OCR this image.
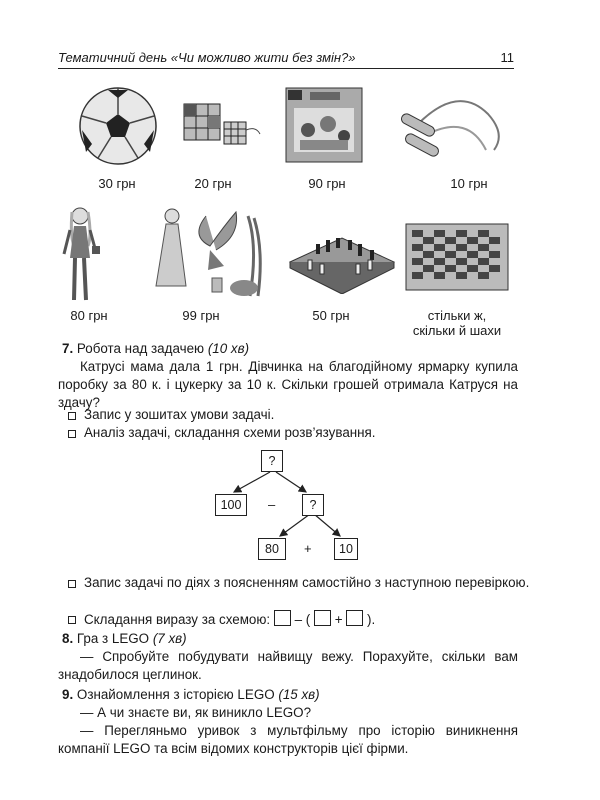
Тематичний день «Чи можливо жити без змін?»	11
30 грн	20 грн	90 грн	10 грн
80 грн	99 грн	50 грн	стільки ж,
скільки й шахи
7. Робота над задачею (10 хв)
Катрусі мама дала 1 грн. Дівчинка на благодійному ярмарку купила поробку за 80 к. і цукерку за 10 к. Скільки грошей отримала Катруся на здачу?
Запис у зошитах умови задачі.
Аналіз задачі, складання схеми розв’язування.
?
100	–	?
80	+	10
Запис задачі по діях з поясненням самостійно з наступною перевіркою.
Складання виразу за схемою: – ( + ).
8. Гра з LEGO (7 хв)
— Спробуйте побудувати найвищу вежу. Порахуйте, скільки вам знадобилося цеглинок.
9. Ознайомлення з історією LEGO (15 хв)
— А чи знаєте ви, як виникло LEGO?
— Перегляньмо уривок з мультфільму про історію виникнення компанії LEGO та всім відомих конструкторів цієї фірми.
